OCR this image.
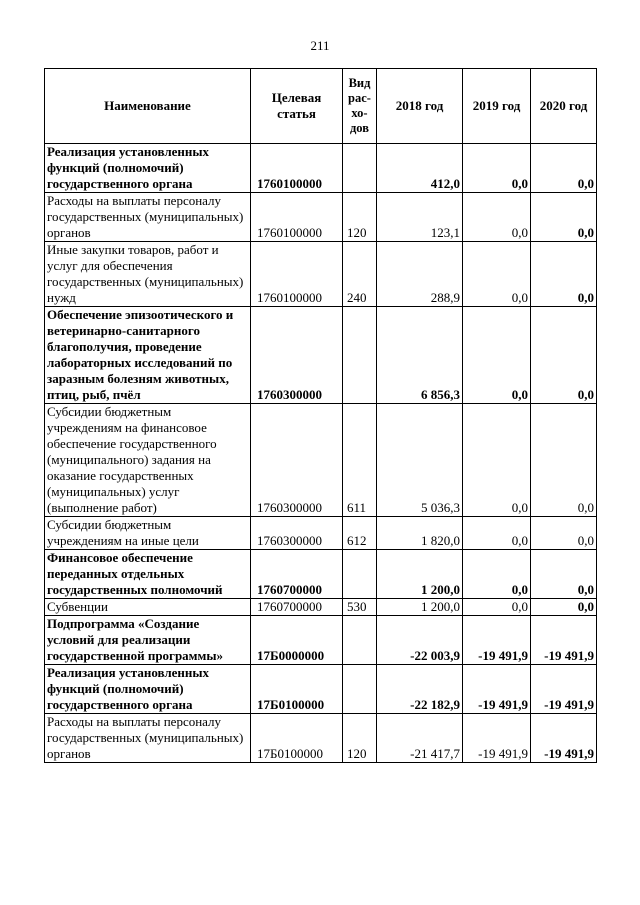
211
Наименование	Целевая статья	Вид рас-хо-дов	2018 год	2019 год	2020 год
Реализация установленных функций (полномочий) государственного органа	1760100000		412,0	0,0	0,0
Расходы на выплаты персоналу государственных (муниципальных) органов	1760100000	120	123,1	0,0	0,0
Иные закупки товаров, работ и услуг для обеспечения государственных (муниципальных) нужд	1760100000	240	288,9	0,0	0,0
Обеспечение эпизоотического и ветеринарно-санитарного благополучия, проведение лабораторных исследований по заразным болезням животных, птиц, рыб, пчёл	1760300000		6 856,3	0,0	0,0
Субсидии бюджетным учреждениям на финансовое обеспечение государственного (муниципального) задания на оказание государственных (муниципальных) услуг (выполнение работ)	1760300000	611	5 036,3	0,0	0,0
Субсидии бюджетным учреждениям на иные цели	1760300000	612	1 820,0	0,0	0,0
Финансовое обеспечение переданных отдельных государственных полномочий	1760700000		1 200,0	0,0	0,0
Субвенции	1760700000	530	1 200,0	0,0	0,0
Подпрограмма «Создание условий для реализации государственной программы»	17Б0000000		-22 003,9	-19 491,9	-19 491,9
Реализация установленных функций (полномочий) государственного органа	17Б0100000		-22 182,9	-19 491,9	-19 491,9
Расходы на выплаты персоналу государственных (муниципальных) органов	17Б0100000	120	-21 417,7	-19 491,9	-19 491,9
